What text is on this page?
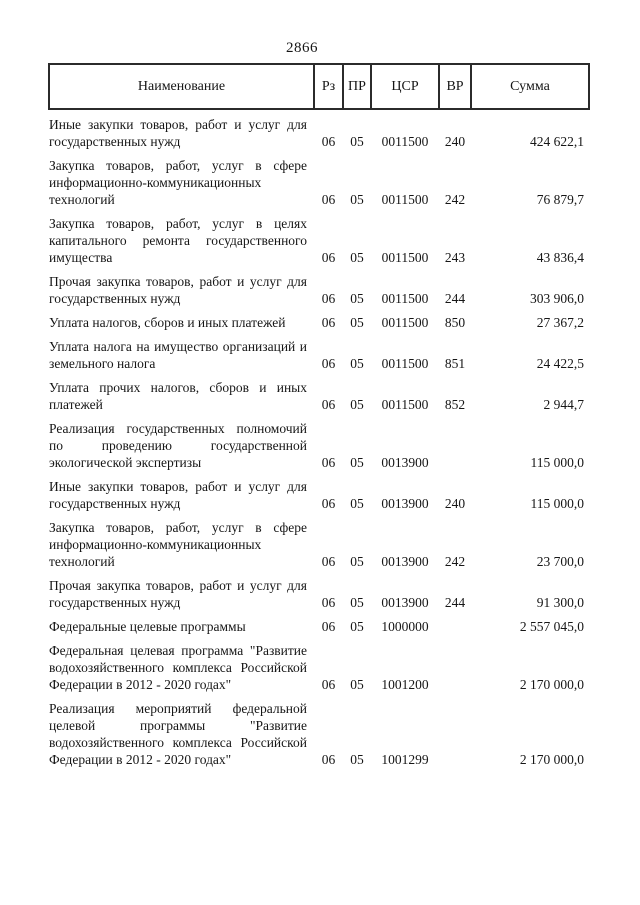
2866
Наименование	Рз	ПР	ЦСР	ВР	Сумма
Иные закупки товаров, работ и услуг для государственных нужд	06	05	0011500	240	424 622,1
Закупка товаров, работ, услуг в сфере информационно-коммуникационных технологий	06	05	0011500	242	76 879,7
Закупка товаров, работ, услуг в целях капитального ремонта государственного имущества	06	05	0011500	243	43 836,4
Прочая закупка товаров, работ и услуг для государственных нужд	06	05	0011500	244	303 906,0
Уплата налогов, сборов и иных платежей	06	05	0011500	850	27 367,2
Уплата налога на имущество организаций и земельного налога	06	05	0011500	851	24 422,5
Уплата прочих налогов, сборов и иных платежей	06	05	0011500	852	2 944,7
Реализация государственных полномочий по проведению государственной экологической экспертизы	06	05	0013900		115 000,0
Иные закупки товаров, работ и услуг для государственных нужд	06	05	0013900	240	115 000,0
Закупка товаров, работ, услуг в сфере информационно-коммуникационных технологий	06	05	0013900	242	23 700,0
Прочая закупка товаров, работ и услуг для государственных нужд	06	05	0013900	244	91 300,0
Федеральные целевые программы	06	05	1000000		2 557 045,0
Федеральная целевая программа "Развитие водохозяйственного комплекса Российской Федерации в 2012 - 2020 годах"	06	05	1001200		2 170 000,0
Реализация мероприятий федеральной целевой программы "Развитие водохозяйственного комплекса Российской Федерации в 2012 - 2020 годах"	06	05	1001299		2 170 000,0
